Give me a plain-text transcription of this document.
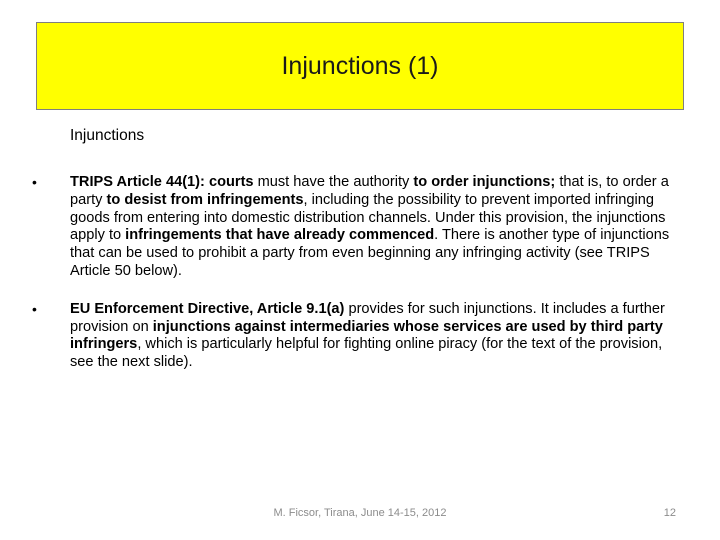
Injunctions (1)
Injunctions
• TRIPS Article 44(1): courts must have the authority to order injunctions; that is, to order a party to desist from infringements, including the possibility to prevent imported infringing goods from entering into domestic distribution channels. Under this provision, the injunctions apply to infringements that have already commenced. There is another type of injunctions that can be used to prohibit a party from even beginning any infringing activity (see TRIPS Article 50 below).
• EU Enforcement Directive, Article 9.1(a) provides for such injunctions. It includes a further provision on injunctions against intermediaries whose services are used by third party infringers, which is particularly helpful for fighting online piracy (for the text of the provision, see the next slide).
M. Ficsor, Tirana, June 14-15, 2012	12
